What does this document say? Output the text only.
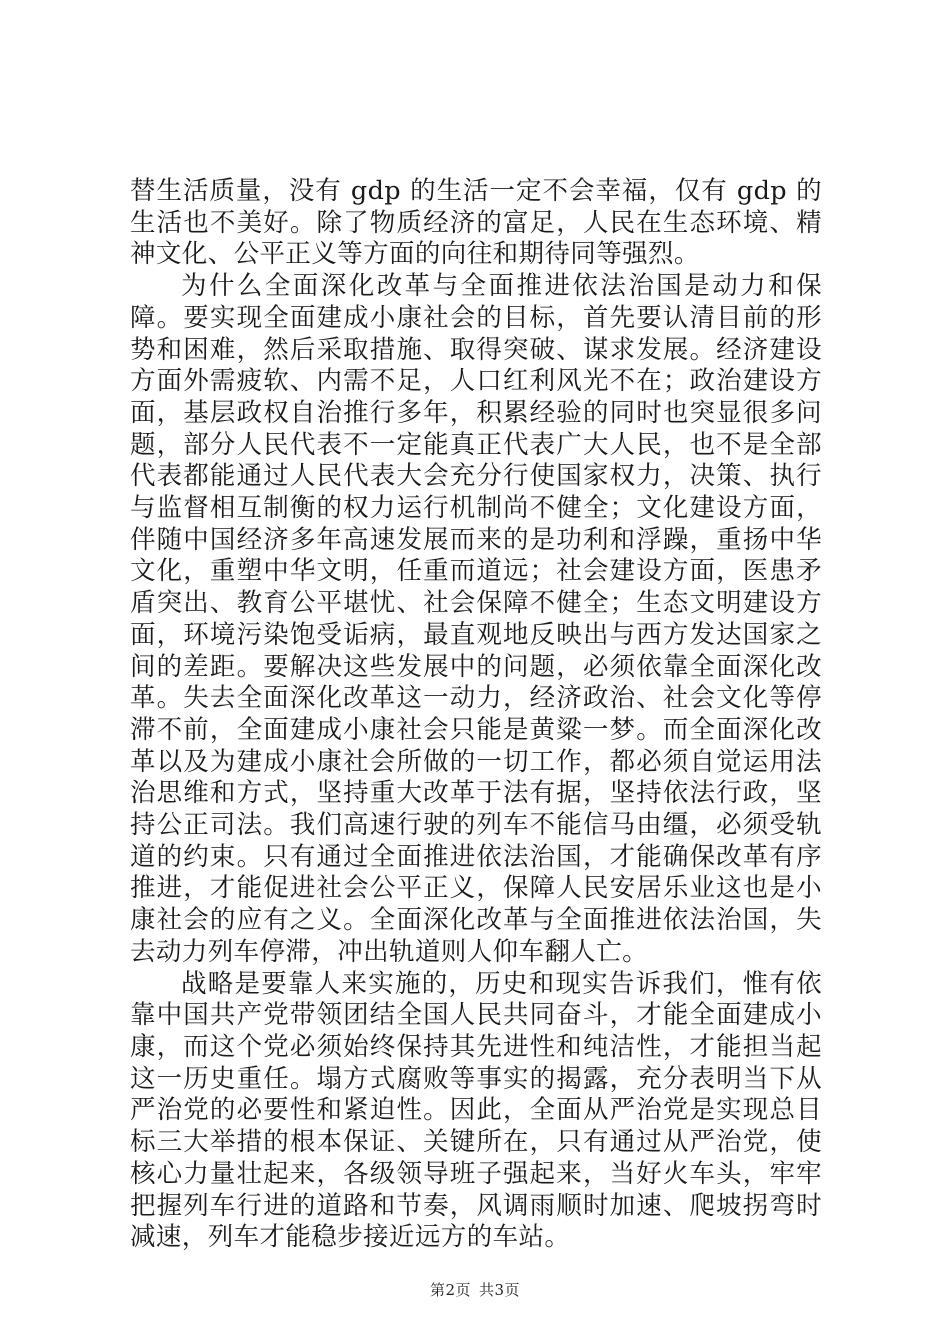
替生活质量，没有 gdp 的生活一定不会幸福，仅有 gdp 的生活也不美好。除了物质经济的富足，人民在生态环境、精神文化、公平正义等方面的向往和期待同等强烈。

为什么全面深化改革与全面推进依法治国是动力和保障。要实现全面建成小康社会的目标，首先要认清目前的形势和困难，然后采取措施、取得突破、谋求发展。经济建设方面外需疲软、内需不足，人口红利风光不在；政治建设方面，基层政权自治推行多年，积累经验的同时也突显很多问题，部分人民代表不一定能真正代表广大人民，也不是全部代表都能通过人民代表大会充分行使国家权力，决策、执行与监督相互制衡的权力运行机制尚不健全；文化建设方面，伴随中国经济多年高速发展而来的是功利和浮躁，重扬中华文化，重塑中华文明，任重而道远；社会建设方面，医患矛盾突出、教育公平堪忧、社会保障不健全；生态文明建设方面，环境污染饱受诟病，最直观地反映出与西方发达国家之间的差距。要解决这些发展中的问题，必须依靠全面深化改革。失去全面深化改革这一动力，经济政治、社会文化等停滞不前，全面建成小康社会只能是黄粱一梦。而全面深化改革以及为建成小康社会所做的一切工作，都必须自觉运用法治思维和方式，坚持重大改革于法有据，坚持依法行政，坚持公正司法。我们高速行驶的列车不能信马由缰，必须受轨道的约束。只有通过全面推进依法治国，才能确保改革有序推进，才能促进社会公平正义，保障人民安居乐业这也是小康社会的应有之义。全面深化改革与全面推进依法治国，失去动力列车停滞，冲出轨道则人仰车翻人亡。

战略是要靠人来实施的，历史和现实告诉我们，惟有依靠中国共产党带领团结全国人民共同奋斗，才能全面建成小康，而这个党必须始终保持其先进性和纯洁性，才能担当起这一历史重任。塌方式腐败等事实的揭露，充分表明当下从严治党的必要性和紧迫性。因此，全面从严治党是实现总目标三大举措的根本保证、关键所在，只有通过从严治党，使核心力量壮起来，各级领导班子强起来，当好火车头，牢牢把握列车行进的道路和节奏，风调雨顺时加速、爬坡拐弯时减速，列车才能稳步接近远方的车站。

第2页 共3页
